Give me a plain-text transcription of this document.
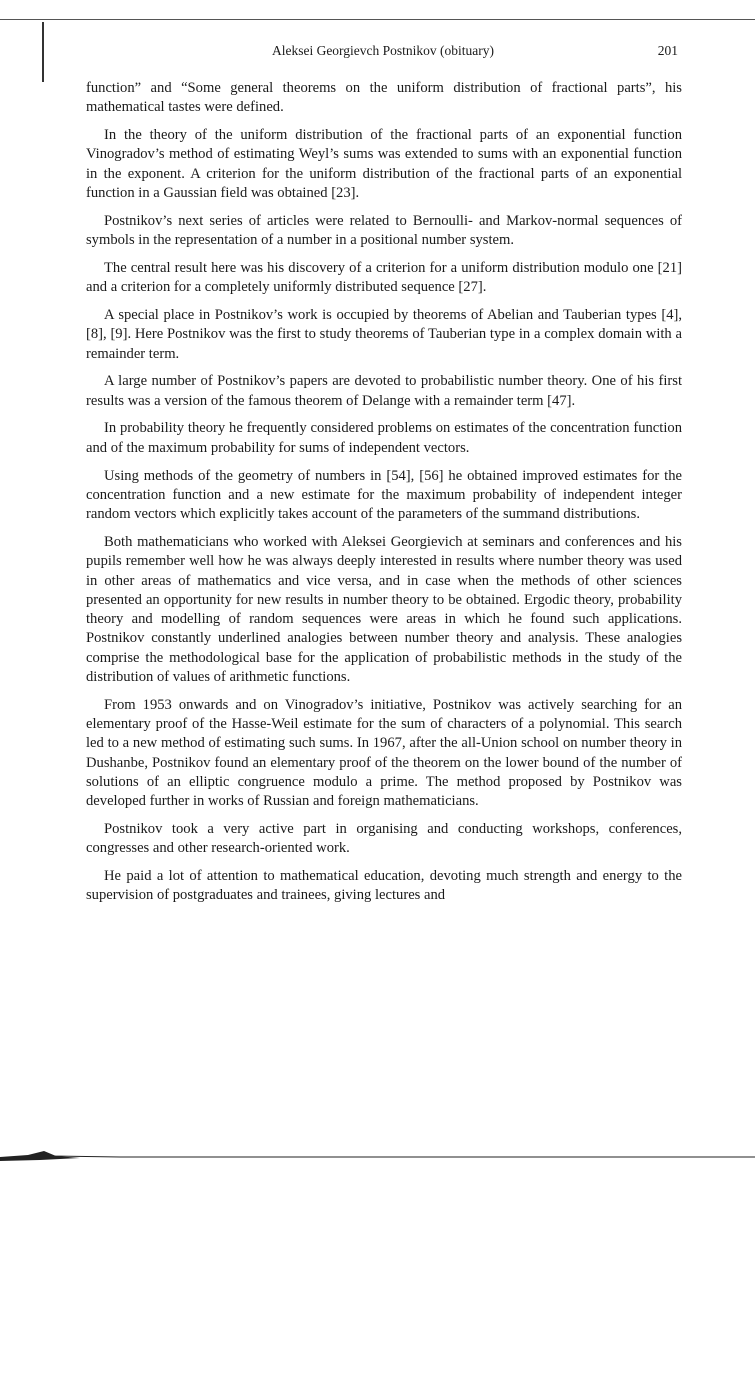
Aleksei Georgievch Postnikov (obituary)	201

function” and “Some general theorems on the uniform distribution of fractional parts”, his mathematical tastes were defined.

In the theory of the uniform distribution of the fractional parts of an exponential function Vinogradov’s method of estimating Weyl’s sums was extended to sums with an exponential function in the exponent. A criterion for the uniform distribution of the fractional parts of an exponential function in a Gaussian field was obtained [23].

Postnikov’s next series of articles were related to Bernoulli- and Markov-normal sequences of symbols in the representation of a number in a positional number system.

The central result here was his discovery of a criterion for a uniform distribution modulo one [21] and a criterion for a completely uniformly distributed sequence [27].

A special place in Postnikov’s work is occupied by theorems of Abelian and Tauberian types [4], [8], [9]. Here Postnikov was the first to study theorems of Tauberian type in a complex domain with a remainder term.

A large number of Postnikov’s papers are devoted to probabilistic number theory. One of his first results was a version of the famous theorem of Delange with a remainder term [47].

In probability theory he frequently considered problems on estimates of the concentration function and of the maximum probability for sums of independent vectors.

Using methods of the geometry of numbers in [54], [56] he obtained improved estimates for the concentration function and a new estimate for the maximum probability of independent integer random vectors which explicitly takes account of the parameters of the summand distributions.

Both mathematicians who worked with Aleksei Georgievich at seminars and conferences and his pupils remember well how he was always deeply interested in results where number theory was used in other areas of mathematics and vice versa, and in case when the methods of other sciences presented an opportunity for new results in number theory to be obtained. Ergodic theory, probability theory and modelling of random sequences were areas in which he found such applications. Postnikov constantly underlined analogies between number theory and analysis. These analogies comprise the methodological base for the application of probabilistic methods in the study of the distribution of values of arithmetic functions.

From 1953 onwards and on Vinogradov’s initiative, Postnikov was actively searching for an elementary proof of the Hasse-Weil estimate for the sum of characters of a polynomial. This search led to a new method of estimating such sums. In 1967, after the all-Union school on number theory in Dushanbe, Postnikov found an elementary proof of the theorem on the lower bound of the number of solutions of an elliptic congruence modulo a prime. The method proposed by Postnikov was developed further in works of Russian and foreign mathematicians.

Postnikov took a very active part in organising and conducting workshops, conferences, congresses and other research-oriented work.

He paid a lot of attention to mathematical education, devoting much strength and energy to the supervision of postgraduates and trainees, giving lectures and
